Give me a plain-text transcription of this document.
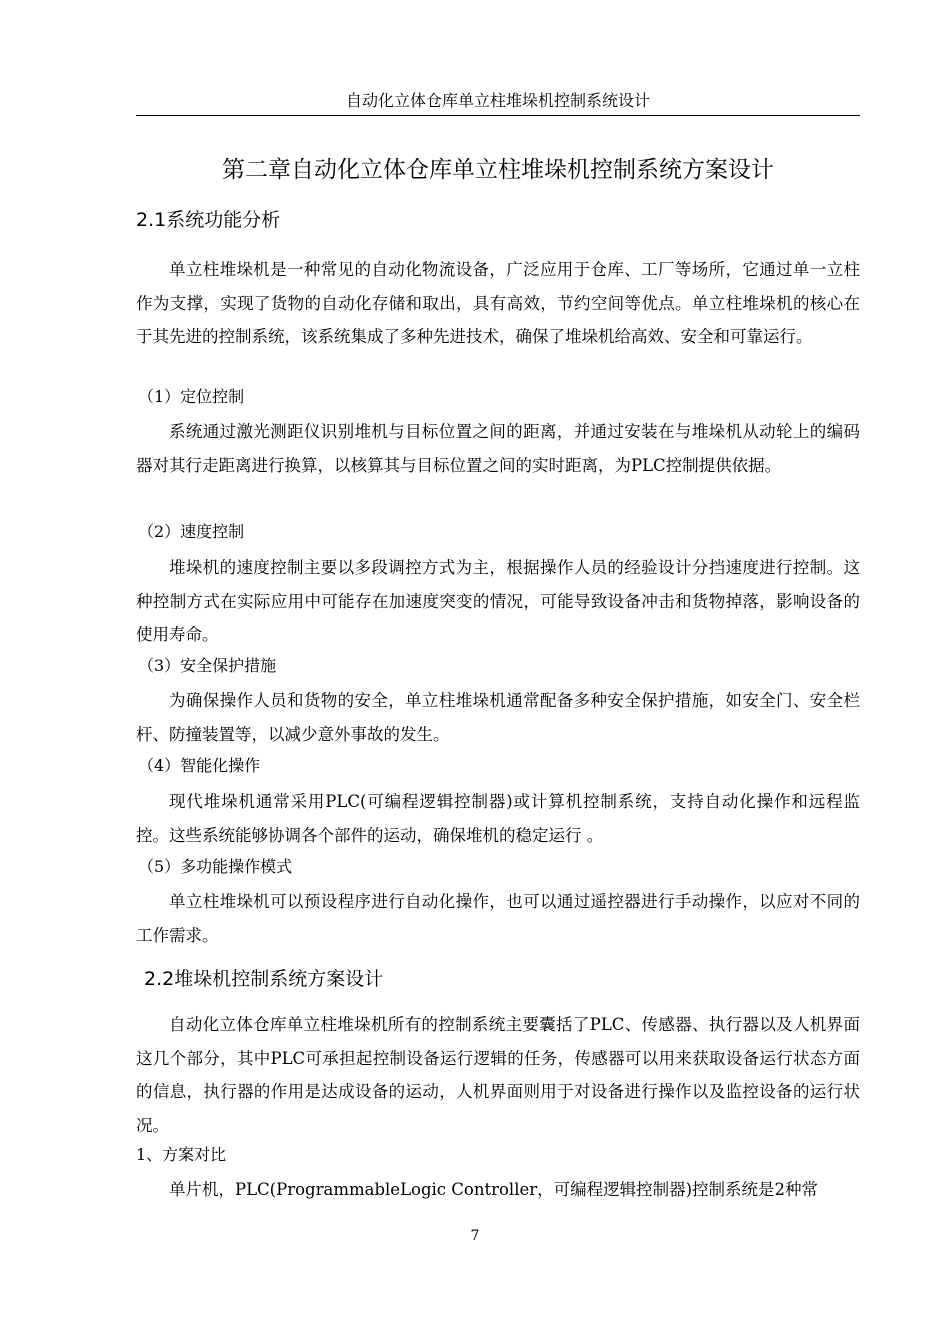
自动化立体仓库单立柱堆垛机控制系统设计
第二章自动化立体仓库单立柱堆垛机控制系统方案设计
2.1系统功能分析
单立柱堆垛机是一种常见的自动化物流设备，广泛应用于仓库、工厂等场所，它通过单一立柱作为支撑，实现了货物的自动化存储和取出，具有高效，节约空间等优点。单立柱堆垛机的核心在于其先进的控制系统，该系统集成了多种先进技术，确保了堆垛机给高效、安全和可靠运行。
（1）定位控制
系统通过激光测距仪识别堆机与目标位置之间的距离，并通过安装在与堆垛机从动轮上的编码器对其行走距离进行换算，以核算其与目标位置之间的实时距离，为PLC控制提供依据。
（2）速度控制
堆垛机的速度控制主要以多段调控方式为主，根据操作人员的经验设计分挡速度进行控制。这种控制方式在实际应用中可能存在加速度突变的情况，可能导致设备冲击和货物掉落，影响设备的使用寿命。
（3）安全保护措施
为确保操作人员和货物的安全，单立柱堆垛机通常配备多种安全保护措施，如安全门、安全栏杆、防撞装置等，以减少意外事故的发生。
（4）智能化操作
现代堆垛机通常采用PLC(可编程逻辑控制器)或计算机控制系统，支持自动化操作和远程监控。这些系统能够协调各个部件的运动，确保堆机的稳定运行 。
（5）多功能操作模式
单立柱堆垛机可以预设程序进行自动化操作，也可以通过遥控器进行手动操作，以应对不同的工作需求。
2.2堆垛机控制系统方案设计
自动化立体仓库单立柱堆垛机所有的控制系统主要囊括了PLC、传感器、执行器以及人机界面这几个部分，其中PLC可承担起控制设备运行逻辑的任务，传感器可以用来获取设备运行状态方面的信息，执行器的作用是达成设备的运动，人机界面则用于对设备进行操作以及监控设备的运行状况。
1、方案对比
单片机，PLC(ProgrammableLogic Controller，可编程逻辑控制器)控制系统是2种常
7
